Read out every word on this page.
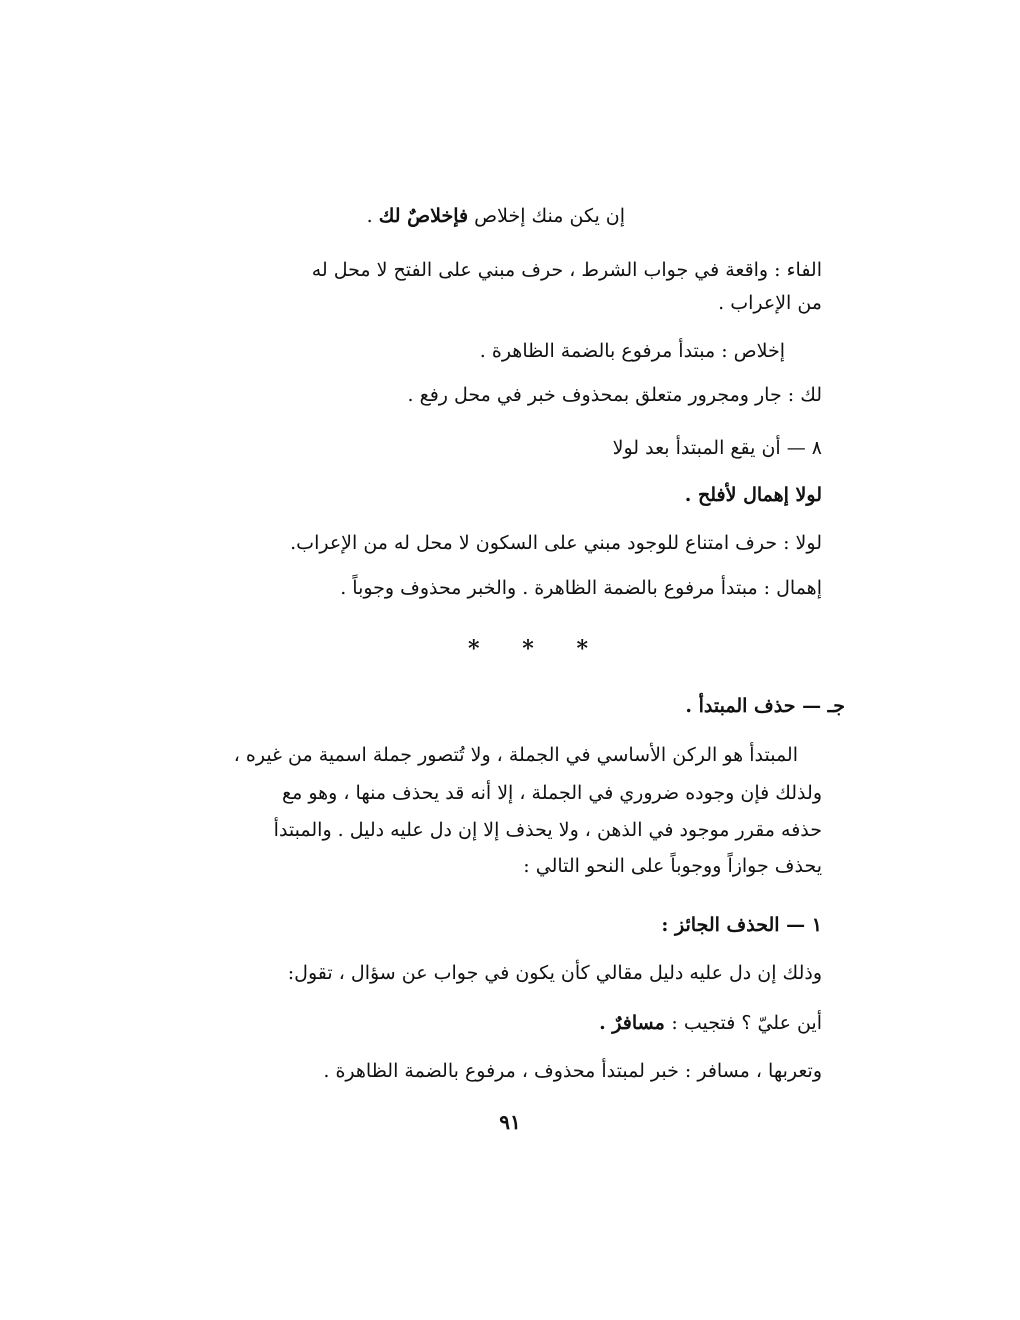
إن يكن منك إخلاص فإخلاصٌ لك .
الفاء : واقعة في جواب الشرط ، حرف مبني على الفتح لا محل له
من الإعراب .
إخلاص : مبتدأ مرفوع بالضمة الظاهرة .
لك : جار ومجرور متعلق بمحذوف خبر في محل رفع .
٨ — أن يقع المبتدأ بعد لولا
لولا إهمال لأفلح .
لولا : حرف امتناع للوجود مبني على السكون لا محل له من الإعراب.
إهمال : مبتدأ مرفوع بالضمة الظاهرة . والخبر محذوف وجوباً .
* * *
جـ — حذف المبتدأ .
المبتدأ هو الركن الأساسي في الجملة ، ولا تُتصور جملة اسمية من غيره ،
ولذلك فإن وجوده ضروري في الجملة ، إلا أنه قد يحذف منها ، وهو مع
حذفه مقرر موجود في الذهن ، ولا يحذف إلا إن دل عليه دليل . والمبتدأ
يحذف جوازاً ووجوباً على النحو التالي :
١ — الحذف الجائز :
وذلك إن دل عليه دليل مقالي كأن يكون في جواب عن سؤال ، تقول:
أين عليّ ؟ فتجيب : مسافرٌ .
وتعربها ، مسافر : خبر لمبتدأ محذوف ، مرفوع بالضمة الظاهرة .
٩١
